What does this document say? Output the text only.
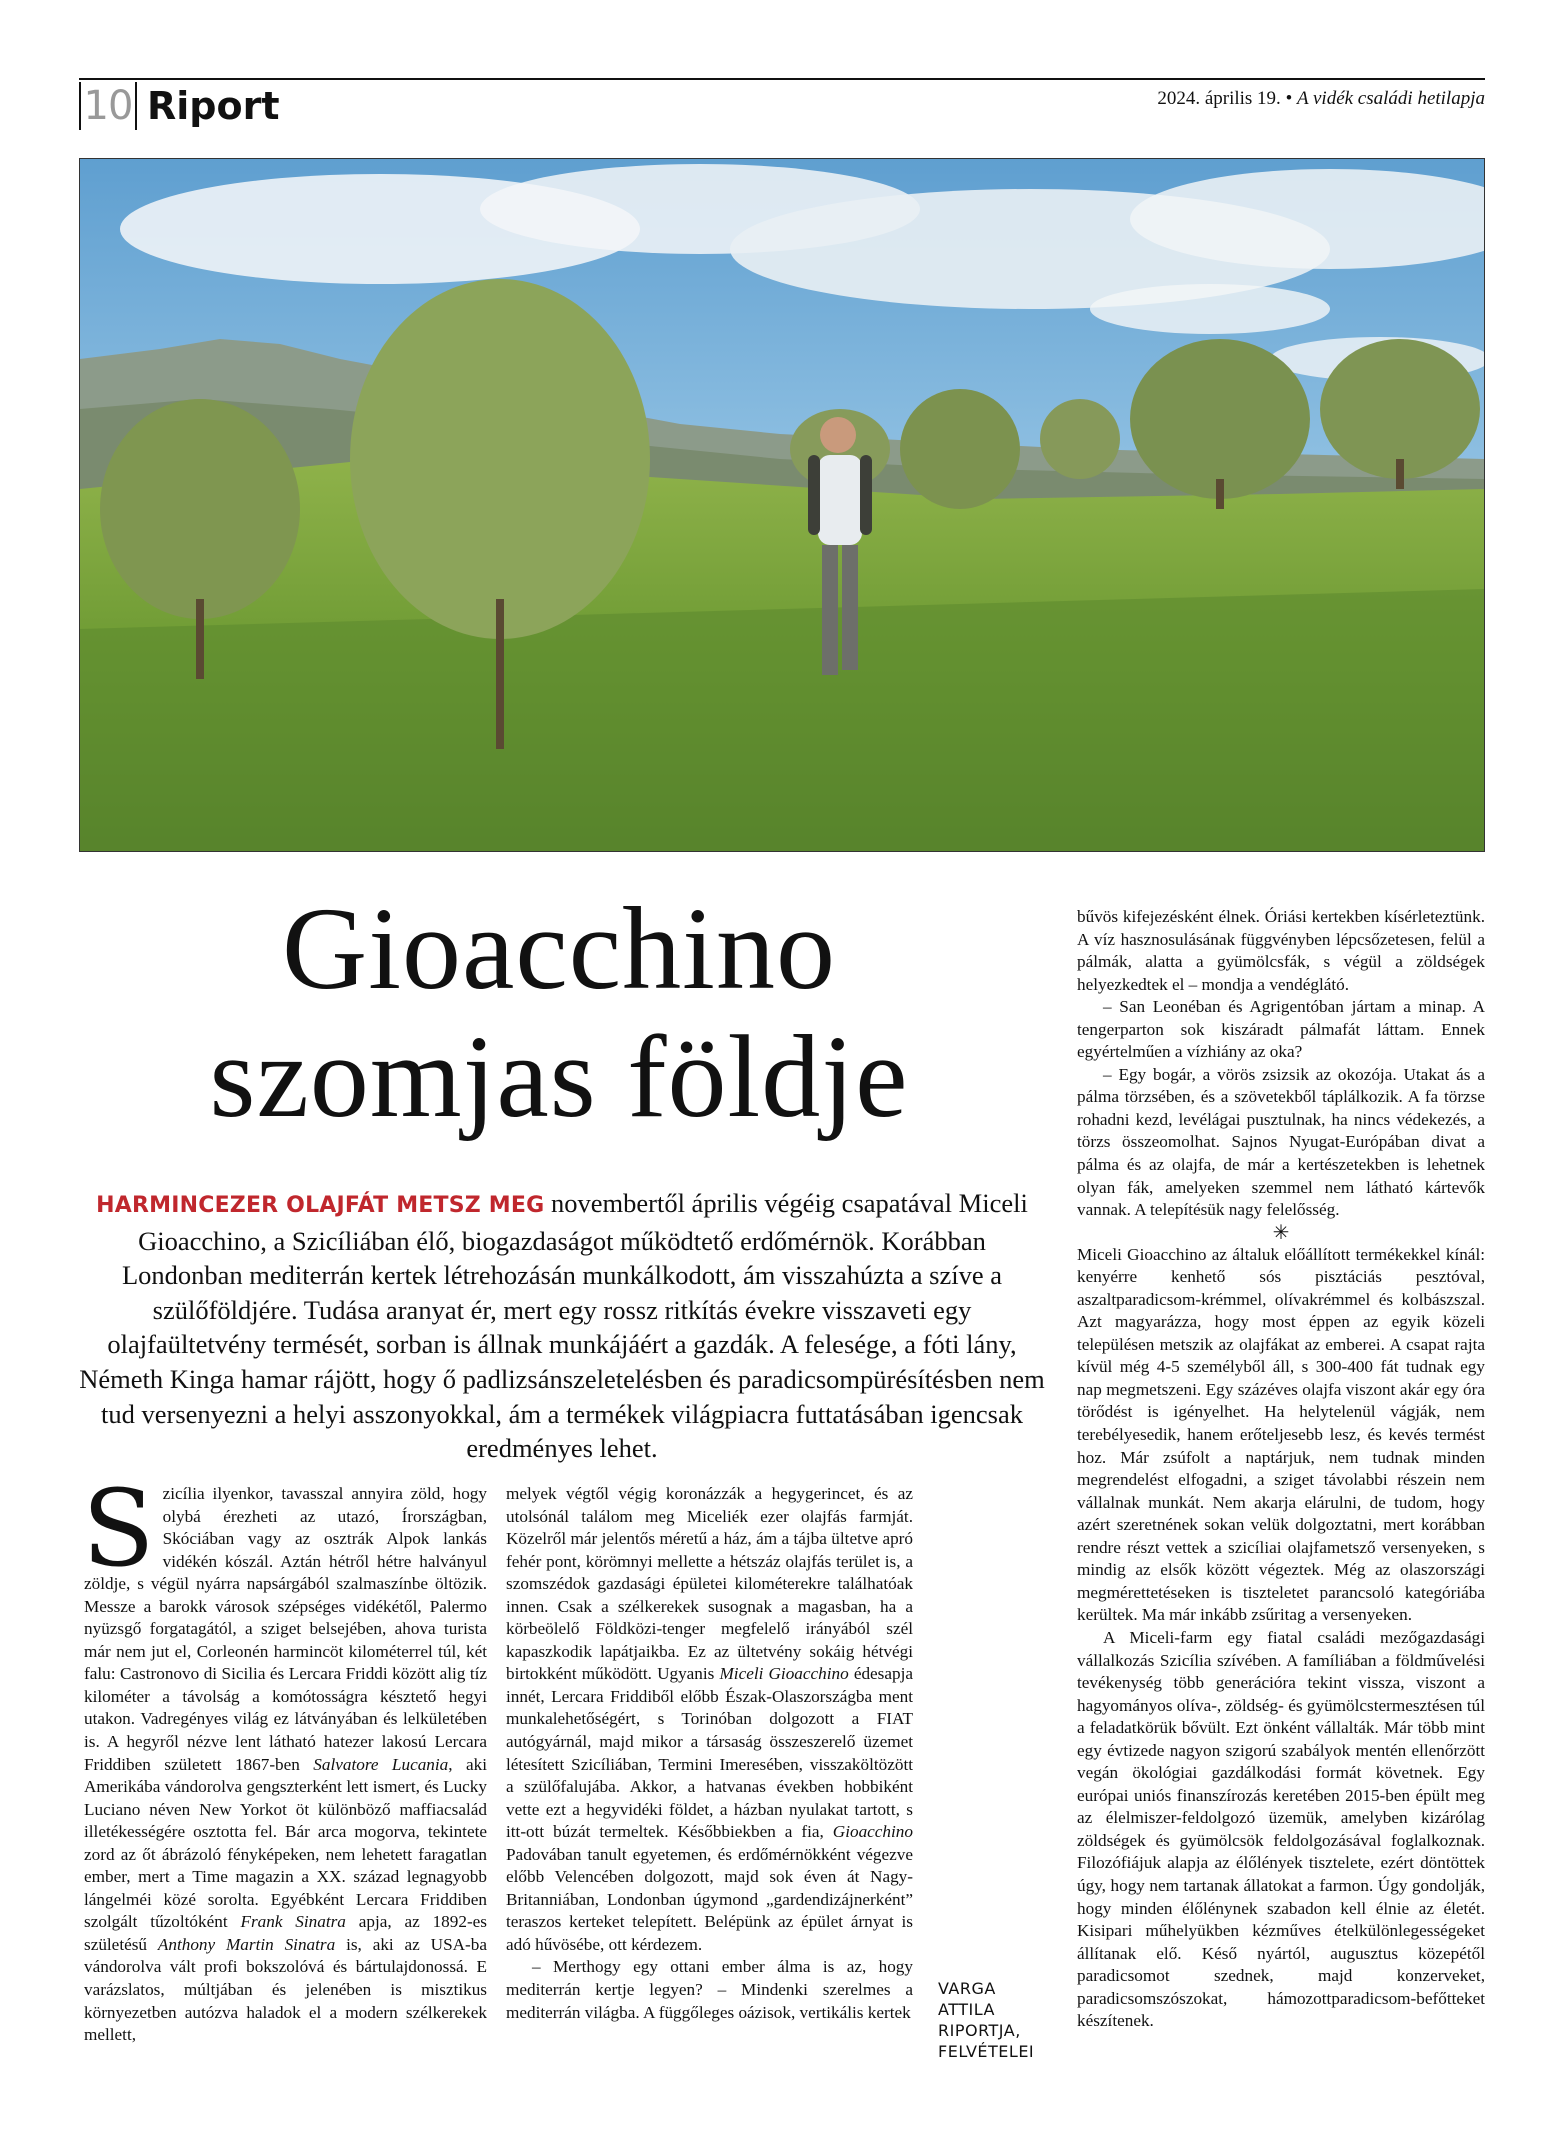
10 Riport	2024. április 19. • A vidék családi hetilapja
Gioacchino
szomjas földje
HARMINCEZER OLAJFÁT METSZ MEG novembertől április végéig csapatával Miceli Gioacchino, a Szicíliában élő, biogazdaságot működtető erdőmérnök. Korábban Londonban mediterrán kertek létrehozásán munkálkodott, ám visszahúzta a szíve a szülőföldjére. Tudása aranyat ér, mert egy rossz ritkítás évekre visszaveti egy olajfaültetvény termését, sorban is állnak munkájáért a gazdák. A felesége, a fóti lány, Németh Kinga hamar rájött, hogy ő padlizsánszeletelésben és paradicsompürésítésben nem tud versenyezni a helyi asszonyokkal, ám a termékek világpiacra futtatásában igencsak eredményes lehet.

Szicília ilyenkor, tavasszal annyira zöld, hogy olybá érezheti az utazó, Írországban, Skóciában vagy az osztrák Alpok lankás vidékén kószál. Aztán hétről hétre halványul zöldje, s végül nyárra napsárgából szalmaszínbe öltözik. Messze a barokk városok szépséges vidékétől, Palermo nyüzsgő forgatagától, a sziget belsejében, ahova turista már nem jut el, Corleonén harmincöt kilométerrel túl, két falu: Castronovo di Sicilia és Lercara Friddi között alig tíz kilométer a távolság a komótosságra késztető hegyi utakon. Vadregényes világ ez látványában és lelkületében is. A hegyről nézve lent látható hatezer lakosú Lercara Friddiben született 1867-ben Salvatore Lucania, aki Amerikába vándorolva gengszterként lett ismert, és Lucky Luciano néven New Yorkot öt különböző maffiacsalád illetékességére osztotta fel. Bár arca mogorva, tekintete zord az őt ábrázoló fényképeken, nem lehetett faragatlan ember, mert a Time magazin a XX. század legnagyobb lángelméi közé sorolta. Egyébként Lercara Friddiben szolgált tűzoltóként Frank Sinatra apja, az 1892-es születésű Anthony Martin Sinatra is, aki az USA-ba vándorolva vált profi bokszolóvá és bártulajdonossá. E varázslatos, múltjában és jelenében is misztikus környezetben autózva haladok el a modern szélkerekek mellett,

melyek végtől végig koronázzák a hegygerincet, és az utolsónál találom meg Miceliék ezer olajfás farmját. Közelről már jelentős méretű a ház, ám a tájba ültetve apró fehér pont, körömnyi mellette a hétszáz olajfás terület is, a szomszédok gazdasági épületei kilométerekre találhatóak innen. Csak a szélkerekek susognak a magasban, ha a körbeölelő Földközi-tenger megfelelő irányából szél kapaszkodik lapátjaikba. Ez az ültetvény sokáig hétvégi birtokként működött. Ugyanis Miceli Gioacchino édesapja innét, Lercara Friddiből előbb Észak-Olaszországba ment munkalehetőségért, s Torinóban dolgozott a FIAT autógyárnál, majd mikor a társaság összeszerelő üzemet létesített Szicíliában, Termini Imeresében, visszaköltözött a szülőfalujába. Akkor, a hatvanas években hobbiként vette ezt a hegyvidéki földet, a házban nyulakat tartott, s itt-ott búzát termeltek. Későbbiekben a fia, Gioacchino Padovában tanult egyetemen, és erdőmérnökként végezve előbb Velencében dolgozott, majd sok éven át Nagy-Britanniában, Londonban úgymond „gardendizájnerként” teraszos kerteket telepített. Belépünk az épület árnyat is adó hűvösébe, ott kérdezem.

– Merthogy egy ottani ember álma is az, hogy mediterrán kertje legyen? – Mindenki szerelmes a mediterrán világba. A függőleges oázisok, vertikális kertek

VARGA ATTILA
RIPORTJA,
FELVÉTELEI

bűvös kifejezésként élnek. Óriási kertekben kísérleteztünk. A víz hasznosulásának függvényben lépcsőzetesen, felül a pálmák, alatta a gyümölcsfák, s végül a zöldségek helyezkedtek el – mondja a vendéglátó.

– San Leonéban és Agrigentóban jártam a minap. A tengerparton sok kiszáradt pálmafát láttam. Ennek egyértelműen a vízhiány az oka?

– Egy bogár, a vörös zsizsik az okozója. Utakat ás a pálma törzsében, és a szövetekből táplálkozik. A fa törzse rohadni kezd, levélágai pusztulnak, ha nincs védekezés, a törzs összeomolhat. Sajnos Nyugat-Európában divat a pálma és az olajfa, de már a kertészetekben is lehetnek olyan fák, amelyeken szemmel nem látható kártevők vannak. A telepítésük nagy felelősség.

✳

Miceli Gioacchino az általuk előállított termékekkel kínál: kenyérre kenhető sós pisztáciás pesztóval, aszaltparadicsom-krémmel, olívakrémmel és kolbászszal. Azt magyarázza, hogy most éppen az egyik közeli településen metszik az olajfákat az emberei. A csapat rajta kívül még 4-5 személyből áll, s 300-400 fát tudnak egy nap megmetszeni. Egy százéves olajfa viszont akár egy óra törődést is igényelhet. Ha helytelenül vágják, nem terebélyesedik, hanem erőteljesebb lesz, és kevés termést hoz. Már zsúfolt a naptárjuk, nem tudnak minden megrendelést elfogadni, a sziget távolabbi részein nem vállalnak munkát. Nem akarja elárulni, de tudom, hogy azért szeretnének sokan velük dolgoztatni, mert korábban rendre részt vettek a szicíliai olajfametsző versenyeken, s mindig az elsők között végeztek. Még az olaszországi megmérettetéseken is tiszteletet parancsoló kategóriába kerültek. Ma már inkább zsűritag a versenyeken.

A Miceli-farm egy fiatal családi mezőgazdasági vállalkozás Szicília szívében. A famíliában a földművelési tevékenység több generációra tekint vissza, viszont a hagyományos olíva-, zöldség- és gyümölcstermesztésen túl a feladatkörük bővült. Ezt önként vállalták. Már több mint egy évtizede nagyon szigorú szabályok mentén ellenőrzött vegán ökológiai gazdálkodási formát követnek. Egy európai uniós finanszírozás keretében 2015-ben épült meg az élelmiszer-feldolgozó üzemük, amelyben kizárólag zöldségek és gyümölcsök feldolgozásával foglalkoznak. Filozófiájuk alapja az élőlények tisztelete, ezért döntöttek úgy, hogy nem tartanak állatokat a farmon. Úgy gondolják, hogy minden élőlénynek szabadon kell élnie az életét. Kisipari műhelyükben kézműves ételkülönlegességeket állítanak elő. Késő nyártól, augusztus közepétől paradicsomot szednek, majd konzerveket, paradicsomszószokat, hámozottparadicsom-befőtteket készítenek.
